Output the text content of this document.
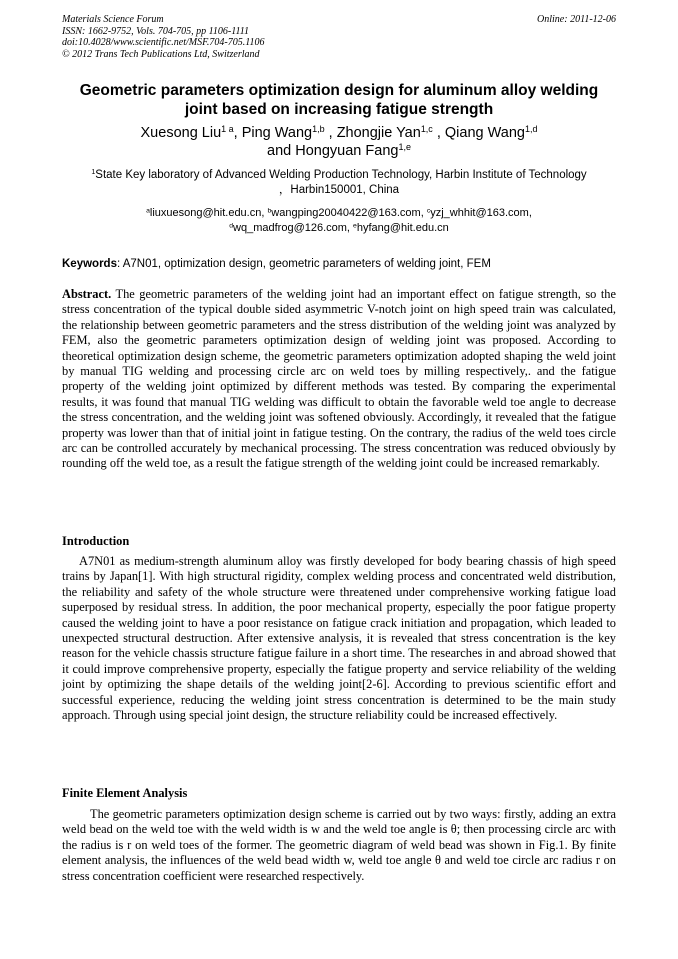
Materials Science Forum
ISSN: 1662-9752, Vols. 704-705, pp 1106-1111
doi:10.4028/www.scientific.net/MSF.704-705.1106
© 2012 Trans Tech Publications Ltd, Switzerland
Online: 2011-12-06
Geometric parameters optimization design for aluminum alloy welding joint based on increasing fatigue strength
Xuesong Liu$^{1 a}$, Ping Wang$^{1,b}$ , Zhongjie Yan$^{1,c}$ , Qiang Wang$^{1,d}$
and Hongyuan Fang$^{1,e}$
$^1$State Key laboratory of Advanced Welding Production Technology, Harbin Institute of Technology
，Harbin150001, China
$^a$liuxuesong@hit.edu.cn, $^b$wangping20040422@163.com, $^c$yzj_whhit@163.com,
$^d$wq_madfrog@126.com, $^e$hyfang@hit.edu.cn
Keywords: A7N01, optimization design, geometric parameters of welding joint, FEM
Abstract. The geometric parameters of the welding joint had an important effect on fatigue strength, so the stress concentration of the typical double sided asymmetric V-notch joint on high speed train was calculated, the relationship between geometric parameters and the stress distribution of the welding joint was analyzed by FEM, also the geometric parameters optimization design of welding joint was proposed. According to theoretical optimization design scheme, the geometric parameters optimization adopted shaping the weld joint by manual TIG welding and processing circle arc on weld toes by milling respectively,. and the fatigue property of the welding joint optimized by different methods was tested. By comparing the experimental results, it was found that manual TIG welding was difficult to obtain the favorable weld toe angle to decrease the stress concentration, and the welding joint was softened obviously. Accordingly, it revealed that the fatigue property was lower than that of initial joint in fatigue testing. On the contrary, the radius of the weld toes circle arc can be controlled accurately by mechanical processing. The stress concentration was reduced obviously by rounding off the weld toe, as a result the fatigue strength of the welding joint could be increased remarkably.
Introduction
A7N01 as medium-strength aluminum alloy was firstly developed for body bearing chassis of high speed trains by Japan[1]. With high structural rigidity, complex welding process and concentrated weld distribution, the reliability and safety of the whole structure were threatened under comprehensive working fatigue load superposed by residual stress. In addition, the poor mechanical property, especially the poor fatigue property caused the welding joint to have a poor resistance on fatigue crack initiation and propagation, which leaded to unexpected structural destruction. After extensive analysis, it is revealed that stress concentration is the key reason for the vehicle chassis structure fatigue failure in a short time. The researches in and abroad showed that it could improve comprehensive property, especially the fatigue property and service reliability of the welding joint by optimizing the shape details of the welding joint[2-6]. According to previous scientific effort and successful experience, reducing the welding joint stress concentration is determined to be the main study approach. Through using special joint design, the structure reliability could be increased effectively.
Finite Element Analysis
The geometric parameters optimization design scheme is carried out by two ways: firstly, adding an extra weld bead on the weld toe with the weld width is w and the weld toe angle is θ; then processing circle arc with the radius is r on weld toes of the former. The geometric diagram of weld bead was shown in Fig.1. By finite element analysis, the influences of the weld bead width w, weld toe angle θ and weld toe circle arc radius r on stress concentration coefficient were researched respectively.
